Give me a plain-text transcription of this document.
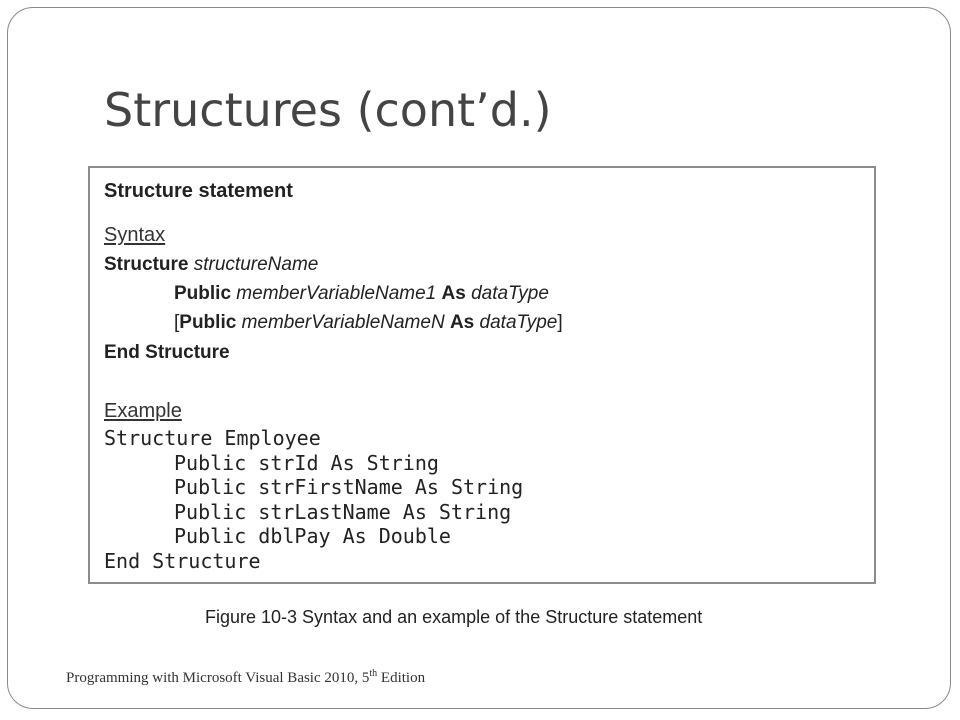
Structures (cont’d.)
Structure statement
Syntax
Structure structureName
Public memberVariableName1 As dataType
[Public memberVariableNameN As dataType]
End Structure
Example
Structure Employee
Public strId As String
Public strFirstName As String
Public strLastName As String
Public dblPay As Double
End Structure
Figure 10-3 Syntax and an example of the Structure statement
Programming with Microsoft Visual Basic 2010, 5th Edition
